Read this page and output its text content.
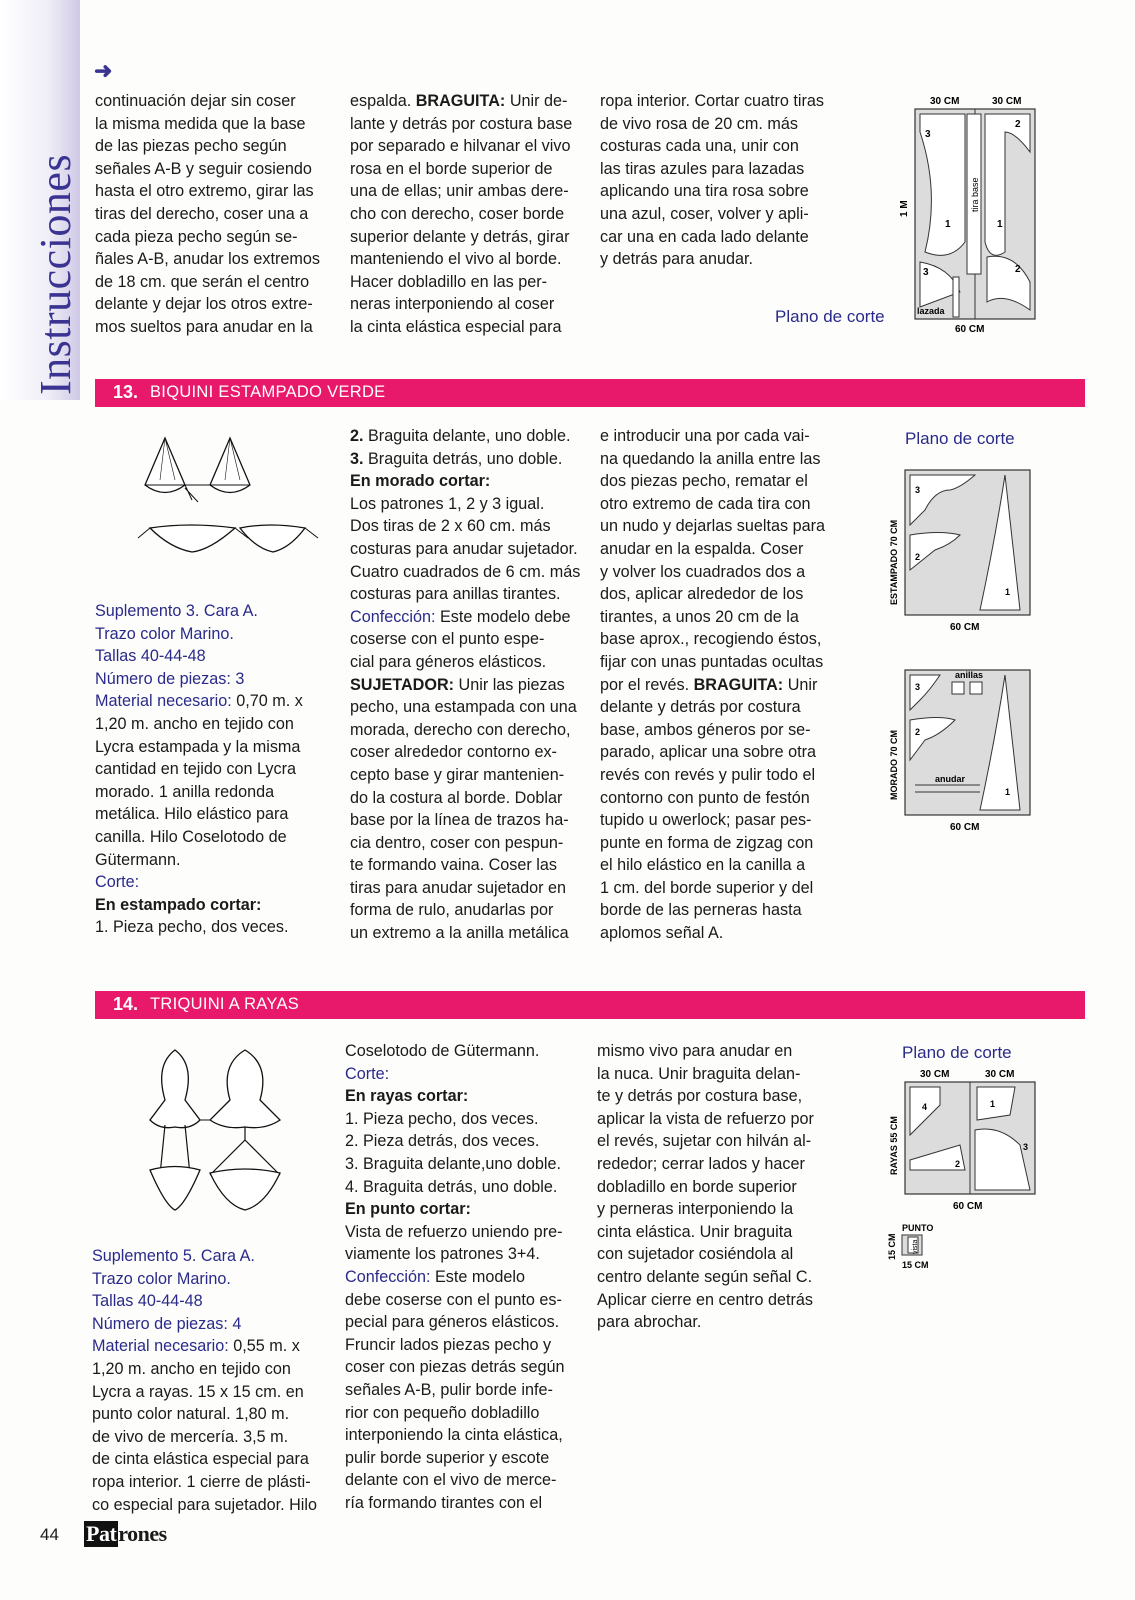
Instrucciones
➜

continuación dejar sin coser

la misma medida que la base

de las piezas pecho según

señales A-B y seguir cosiendo

hasta el otro extremo, girar las

tiras del derecho, coser una a

cada pieza pecho según se-

ñales A-B, anudar los extremos

de 18 cm. que serán el centro

delante y dejar los otros extre-

mos sueltos para anudar en la

espalda. BRAGUITA: Unir de-

lante y detrás por costura base

por separado e hilvanar el vivo

rosa en el borde superior de

una de ellas; unir ambas dere-

cho con derecho, coser borde

superior delante y detrás, girar

manteniendo el vivo al borde.

Hacer dobladillo en las per-

neras interponiendo al coser

la cinta elástica especial para

ropa interior. Cortar cuatro tiras

de vivo rosa de 20 cm. más

costuras cada una, unir con

las tiras azules para lazadas

aplicando una tira rosa sobre

una azul, coser, volver y apli-

car una en cada lado delante

y detrás para anudar.

Plano de corte
30 CM	30 CM
tira base
3
2
1	1
3	2
lazada
1 M
60 CM
13. BIQUINI ESTAMPADO VERDE

Suplemento 3. Cara A.

Trazo color Marino.

Tallas 40-44-48

Número de piezas: 3

Material necesario: 0,70 m. x

1,20 m. ancho en tejido con

Lycra estampada y la misma

cantidad en tejido con Lycra

morado. 1 anilla redonda

metálica. Hilo elástico para

canilla. Hilo Coselotodo de

Gütermann.

Corte:

En estampado cortar:

1. Pieza pecho, dos veces.

2. Braguita delante, uno doble.

3. Braguita detrás, uno doble.

En morado cortar:

Los patrones 1, 2 y 3 igual.

Dos tiras de 2 x 60 cm. más

costuras para anudar sujetador.

Cuatro cuadrados de 6 cm. más

costuras para anillas tirantes.

Confección: Este modelo debe

coserse con el punto espe-

cial para géneros elásticos.

SUJETADOR: Unir las piezas

pecho, una estampada con una

morada, derecho con derecho,

coser alrededor contorno ex-

cepto base y girar mantenien-

do la costura al borde. Doblar

base por la línea de trazos ha-

cia dentro, coser con pespun-

te formando vaina. Coser las

tiras para anudar sujetador en

forma de rulo, anudarlas por

un extremo a la anilla metálica

e introducir una por cada vai-

na quedando la anilla entre las

dos piezas pecho, rematar el

otro extremo de cada tira con

un nudo y dejarlas sueltas para

anudar en la espalda. Coser

y volver los cuadrados dos a

dos, aplicar alrededor de los

tirantes, a unos 20 cm de la

base aprox., recogiendo éstos,

fijar con unas puntadas ocultas

por el revés. BRAGUITA: Unir

delante y detrás por costura

base, ambos géneros por se-

parado, aplicar una sobre otra

revés con revés y pulir todo el

contorno con punto de festón

tupido u owerlock; pasar pes-

punte en forma de zigzag con

el hilo elástico en la canilla a

1 cm. del borde superior y del

borde de las perneras hasta

aplomos señal A.

Plano de corte
3
2
1
ESTAMPADO 70 CM
60 CM
anillas
anudar
3
2
1
MORADO 70 CM
60 CM
14. TRIQUINI A RAYAS

Suplemento 5. Cara A.

Trazo color Marino.

Tallas 40-44-48

Número de piezas: 4

Material necesario: 0,55 m. x

1,20 m. ancho en tejido con

Lycra a rayas. 15 x 15 cm. en

punto color natural. 1,80 m.

de vivo de mercería. 3,5 m.

de cinta elástica especial para

ropa interior. 1 cierre de plásti-

co especial para sujetador. Hilo

Coselotodo de Gütermann.

Corte:

En rayas cortar:

1. Pieza pecho, dos veces.

2. Pieza detrás, dos veces.

3. Braguita delante,uno doble.

4. Braguita detrás, uno doble.

En punto cortar:

Vista de refuerzo uniendo pre-

viamente los patrones 3+4.

Confección: Este modelo

debe coserse con el punto es-

pecial para géneros elásticos.

Fruncir lados piezas pecho y

coser con piezas detrás según

señales A-B, pulir borde infe-

rior con pequeño dobladillo

interponiendo la cinta elástica,

pulir borde superior y escote

delante con el vivo de merce-

ría formando tirantes con el

mismo vivo para anudar en

la nuca. Unir braguita delan-

te y detrás por costura base,

aplicar la vista de refuerzo por

el revés, sujetar con hilván al-

rededor; cerrar lados y hacer

dobladillo en borde superior

y perneras interponiendo la

cinta elástica. Unir braguita

con sujetador cosiéndola al

centro delante según señal C.

Aplicar cierre en centro detrás

para abrochar.

Plano de corte
30 CM	30 CM
4	1
2
3
RAYAS 55 CM
60 CM
PUNTO
vista
15 CM
15 CM
44 Patrones
